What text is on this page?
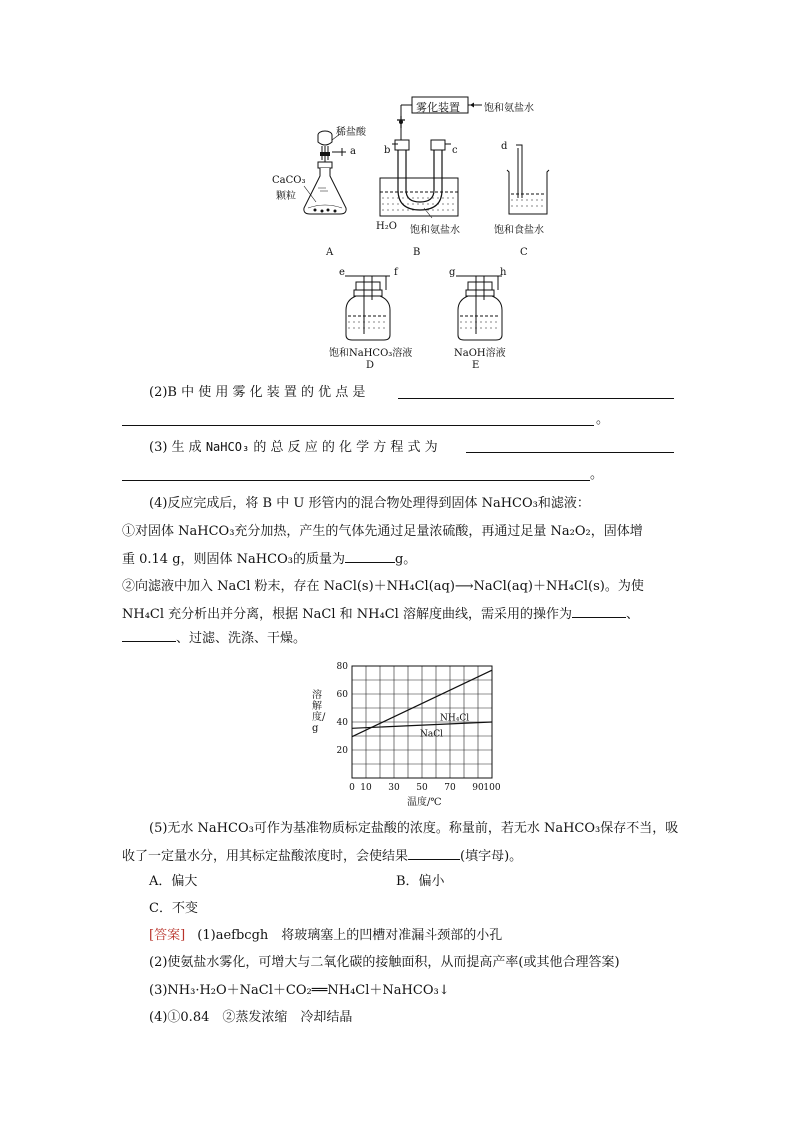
雾化装置 饱和氨盐水
稀盐酸
a
CaCO₃
颗粒
b	c	d
H₂O 饱和氨盐水	饱和食盐水
A	B	C
e	f	g	h
饱和NaHCO₃溶液	NaOH溶液
D	E
(2)B 中 使 用 雾 化 装 置 的 优 点 是
。
(3) 生 成 NaHCO₃ 的 总 反 应 的 化 学 方 程 式 为
。
(4)反应完成后，将 B 中 U 形管内的混合物处理得到固体 NaHCO₃和滤液：
①对固体 NaHCO₃充分加热，产生的气体先通过足量浓硫酸，再通过足量 Na₂O₂，固体增
重 0.14 g，则固体 NaHCO₃的质量为	g。
②向滤液中加入 NaCl 粉末，存在 NaCl(s)＋NH₄Cl(aq)⟶NaCl(aq)＋NH₄Cl(s)。为使
NH₄Cl 充分析出并分离，根据 NaCl 和 NH₄Cl 溶解度曲线，需采用的操作为	、
、过滤、洗涤、干燥。
0 10 30 50 70 90 100
20
40
60
80
NH₄Cl
NaCl
溶解度/g
温度/℃
(5)无水 NaHCO₃可作为基准物质标定盐酸的浓度。称量前，若无水 NaHCO₃保存不当，吸
收了一定量水分，用其标定盐酸浓度时，会使结果	(填字母)。
A．偏大	B．偏小
C．不变
[答案] (1)aefbcgh　将玻璃塞上的凹槽对准漏斗颈部的小孔
(2)使氨盐水雾化，可增大与二氧化碳的接触面积，从而提高产率(或其他合理答案)
(3)NH₃·H₂O＋NaCl＋CO₂══NH₄Cl＋NaHCO₃↓
(4)①0.84　②蒸发浓缩　冷却结晶
